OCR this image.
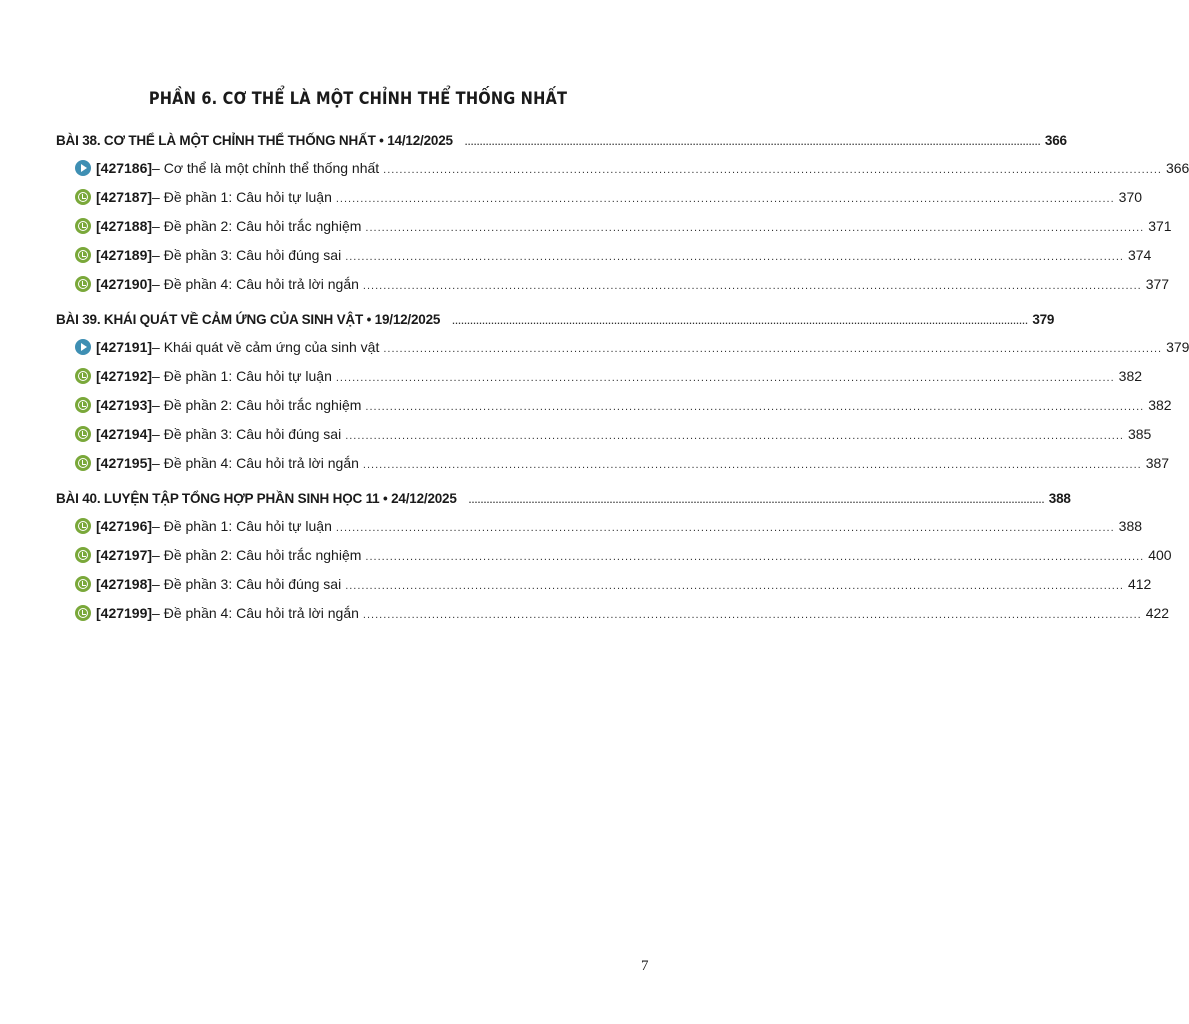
PHẦN 6. CƠ THỂ LÀ MỘT CHỈNH THỂ THỐNG NHẤT
BÀI 38. CƠ THỂ LÀ MỘT CHỈNH THỂ THỐNG NHẤT • 14/12/2025 ................................................................................................................................................................................................ 366
[427186] – Cơ thể là một chỉnh thể thống nhất ................................................................................................................................................................................................ 366
[427187] – Đề phần 1: Câu hỏi tự luận ................................................................................................................................................................................................ 370
[427188] – Đề phần 2: Câu hỏi trắc nghiệm ................................................................................................................................................................................................ 371
[427189] – Đề phần 3: Câu hỏi đúng sai ................................................................................................................................................................................................ 374
[427190] – Đề phần 4: Câu hỏi trả lời ngắn ................................................................................................................................................................................................ 377
BÀI 39. KHÁI QUÁT VỀ CẢM ỨNG CỦA SINH VẬT • 19/12/2025 ................................................................................................................................................................................................ 379
[427191] – Khái quát về cảm ứng của sinh vật ................................................................................................................................................................................................ 379
[427192] – Đề phần 1: Câu hỏi tự luận ................................................................................................................................................................................................ 382
[427193] – Đề phần 2: Câu hỏi trắc nghiệm ................................................................................................................................................................................................ 382
[427194] – Đề phần 3: Câu hỏi đúng sai ................................................................................................................................................................................................ 385
[427195] – Đề phần 4: Câu hỏi trả lời ngắn ................................................................................................................................................................................................ 387
BÀI 40. LUYỆN TẬP TỔNG HỢP PHẦN SINH HỌC 11 • 24/12/2025 ................................................................................................................................................................................................ 388
[427196] – Đề phần 1: Câu hỏi tự luận ................................................................................................................................................................................................ 388
[427197] – Đề phần 2: Câu hỏi trắc nghiệm ................................................................................................................................................................................................ 400
[427198] – Đề phần 3: Câu hỏi đúng sai ................................................................................................................................................................................................ 412
[427199] – Đề phần 4: Câu hỏi trả lời ngắn ................................................................................................................................................................................................ 422
7
